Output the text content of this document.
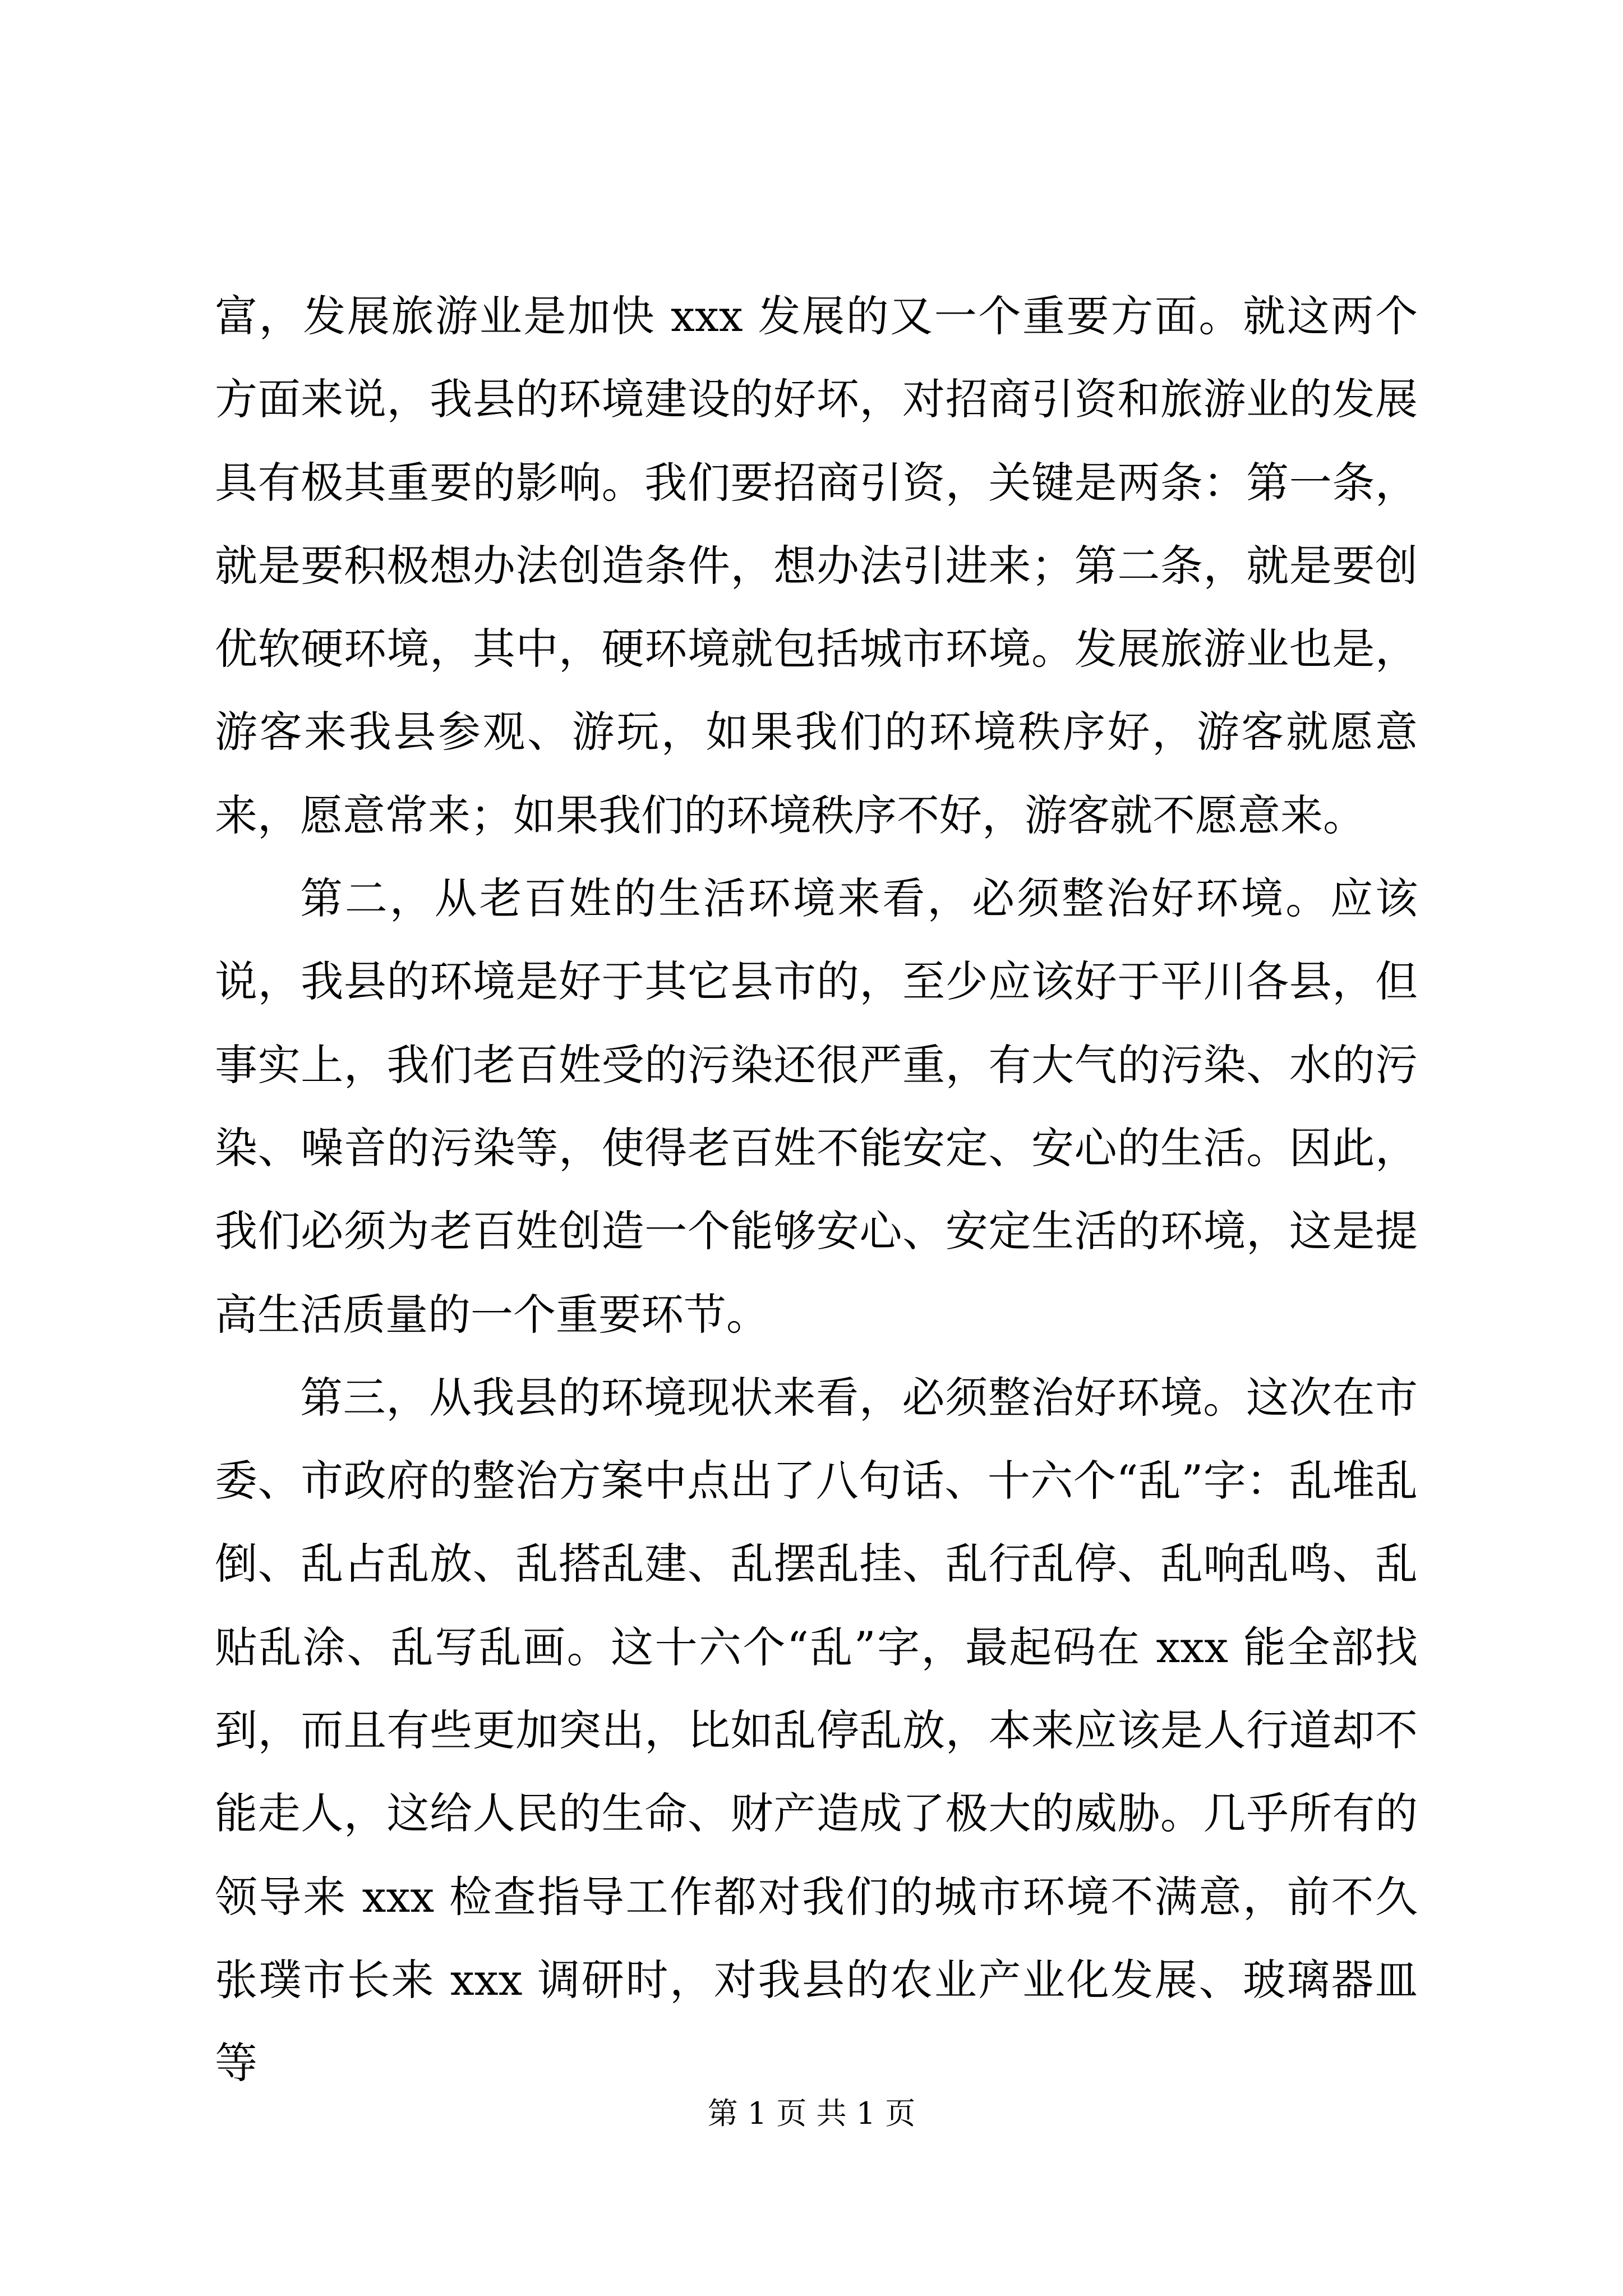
富，发展旅游业是加快 xxx 发展的又一个重要方面。就这两个方面来说，我县的环境建设的好坏，对招商引资和旅游业的发展具有极其重要的影响。我们要招商引资，关键是两条：第一条，就是要积极想办法创造条件，想办法引进来；第二条，就是要创优软硬环境，其中，硬环境就包括城市环境。发展旅游业也是，游客来我县参观、游玩，如果我们的环境秩序好，游客就愿意来，愿意常来；如果我们的环境秩序不好，游客就不愿意来。

第二，从老百姓的生活环境来看，必须整治好环境。应该说，我县的环境是好于其它县市的，至少应该好于平川各县，但事实上，我们老百姓受的污染还很严重，有大气的污染、水的污染、噪音的污染等，使得老百姓不能安定、安心的生活。因此，我们必须为老百姓创造一个能够安心、安定生活的环境，这是提高生活质量的一个重要环节。

第三，从我县的环境现状来看，必须整治好环境。这次在市委、市政府的整治方案中点出了八句话、十六个“乱”字：乱堆乱倒、乱占乱放、乱搭乱建、乱摆乱挂、乱行乱停、乱响乱鸣、乱贴乱涂、乱写乱画。这十六个“乱”字，最起码在 xxx 能全部找到，而且有些更加突出，比如乱停乱放，本来应该是人行道却不能走人，这给人民的生命、财产造成了极大的威胁。几乎所有的领导来 xxx 检查指导工作都对我们的城市环境不满意，前不久张璞市长来 xxx 调研时，对我县的农业产业化发展、玻璃器皿等

第 1 页 共 1 页
